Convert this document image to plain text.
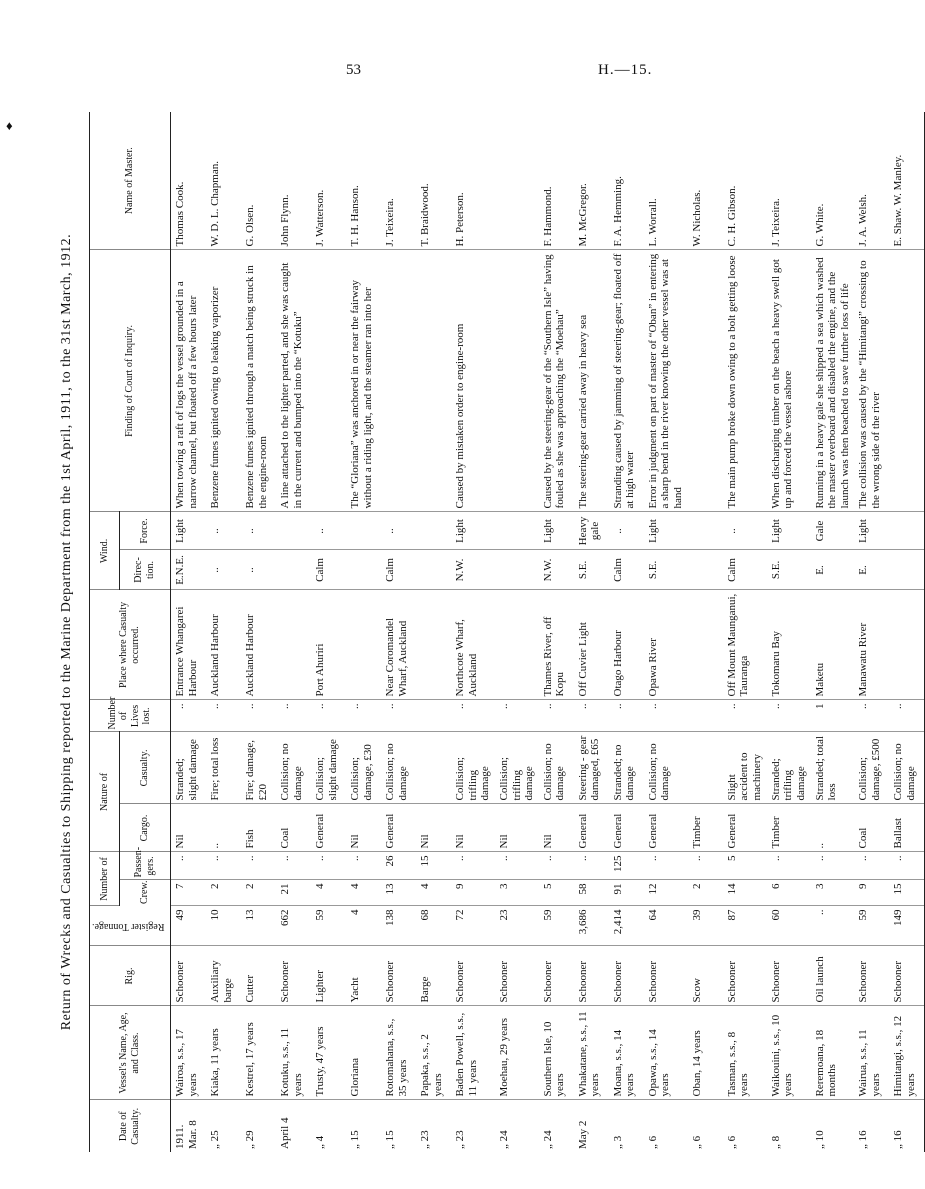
53	H.—15.
♦
Return of Wrecks and Casualties to Shipping reported to the Marine Department from the 1st April, 1911, to the 31st March, 1912.
Date of Casualty.	Vessel's Name, Age, and Class.	Rig.	Register Tonnage.	Number of		Nature of		Number of Lives lost.	Place where Casualty occurred.	Wind.		Finding of Court of Inquiry.	Name of Master.
				Crew.	Passen-gers.	Cargo.	Casualty.			Direc-tion.	Force.		
1911. Mar. 8	Wairoa, s.s., 17 years	Schooner	49	7	..	Nil	Stranded; slight damage	..	Entrance Whangarei Harbour	E.N.E.	Light	When towing a raft of logs the vessel grounded in a narrow channel, but floated off a few hours later	Thomas Cook.
„ 25	Kiaka, 11 years	Auxiliary barge	10	2	..	..	Fire; total loss	..	Auckland Harbour	..	..	Benzene fumes ignited owing to leaking vaporizer	W. D. L. Chapman.
„ 29	Kestrel, 17 years	Cutter	13	2	..	Fish	Fire; damage, £20	..	Auckland Harbour	..	..	Benzene fumes ignited through a match being struck in the engine-room	G. Olsen.
April 4	Kotuku, s.s., 11 years	Schooner	662	21	..	Coal	Collision; no damage	..				A line attached to the lighter parted, and she was caught in the current and bumped into the “Kotuku”	John Flynn.
„ 4	Trusty, 47 years	Lighter	59	4	..	General	Collision; slight damage	..	Port Ahuriri	Calm	..		J. Watterson.
„ 15	Gloriana	Yacht	4	4	..	Nil	Collision; damage, £30	..				The “Gloriana” was anchored in or near the fairway without a riding light, and the steamer ran into her	T. H. Hanson.
„ 15	Rotomahana, s.s., 35 years	Schooner	138	13	26	General	Collision; no damage	..	Near Coromandel Wharf, Auckland	Calm	..		J. Teixeira.
„ 23	Papaka, s.s., 2 years	Barge	68	4	15	Nil							T. Braidwood.
„ 23	Baden Powell, s.s., 11 years	Schooner	72	9	..	Nil	Collision; trifling damage	..	Northcote Wharf, Auckland	N.W.	Light	Caused by mistaken order to engine-room	H. Peterson.
„ 24	Moehau, 29 years	Schooner	23	3	..	Nil	Collision; trifling damage	..					
„ 24	Southern Isle, 10 years	Schooner	59	5	..	Nil	Collision; no damage	..	Thames River, off Kopu	N.W.	Light	Caused by the steering-gear of the “Southern Isle” having fouled as she was approaching the “Moehau”	F. Hammond.
May 2	Whakatane, s.s., 11 years	Schooner	3,686	58	..	General	Steering - gear damaged, £65	..	Off Cuvier Light	S.E.	Heavy gale	The steering-gear carried away in heavy sea	M. McGregor.
„ 3	Moana, s.s., 14 years	Schooner	2,414	91	125	General	Stranded; no damage	..	Otago Harbour	Calm	..	Stranding caused by jamming of steering-gear; floated off at high water	F. A. Hemming.
„ 6	Opawa, s.s., 14 years	Schooner	64	12	..	General	Collision; no damage	..	Opawa River	S.E.	Light	Error in judgment on part of master of “Oban” in entering a sharp bend in the river knowing the other vessel was at hand	L. Worrall.
„ 6	Oban, 14 years	Scow	39	2	..	Timber							W. Nicholas.
„ 6	Tasman, s.s., 8 years	Schooner	87	14	5	General	Slight accident to machinery	..	Off Mount Maunganui, Tauranga	Calm	..	The main pump broke down owing to a bolt getting loose	C. H. Gibson.
„ 8	Waikouini, s.s., 10 years	Schooner	60	6	..	Timber	Stranded; trifling damage	..	Tokomaru Bay	S.E.	Light	When discharging timber on the beach a heavy swell got up and forced the vessel ashore	J. Teixeira.
„ 10	Reremoana, 18 months	Oil launch	..	3	..	..	Stranded; total loss	1	Maketu	E.	Gale	Running in a heavy gale she shipped a sea which washed the master overboard and disabled the engine, and the launch was then beached to save further loss of life	G. White.
„ 16	Wairua, s.s., 11 years	Schooner	59	9	..	Coal	Collision; damage, £500	..	Manawatu River	E.	Light	The collision was caused by the “Himitangi” crossing to the wrong side of the river	J. A. Welsh.
„ 16	Himitangi, s.s., 12 years	Schooner	149	15	..	Ballast	Collision; no damage	..					E. Shaw. W. Manley.
